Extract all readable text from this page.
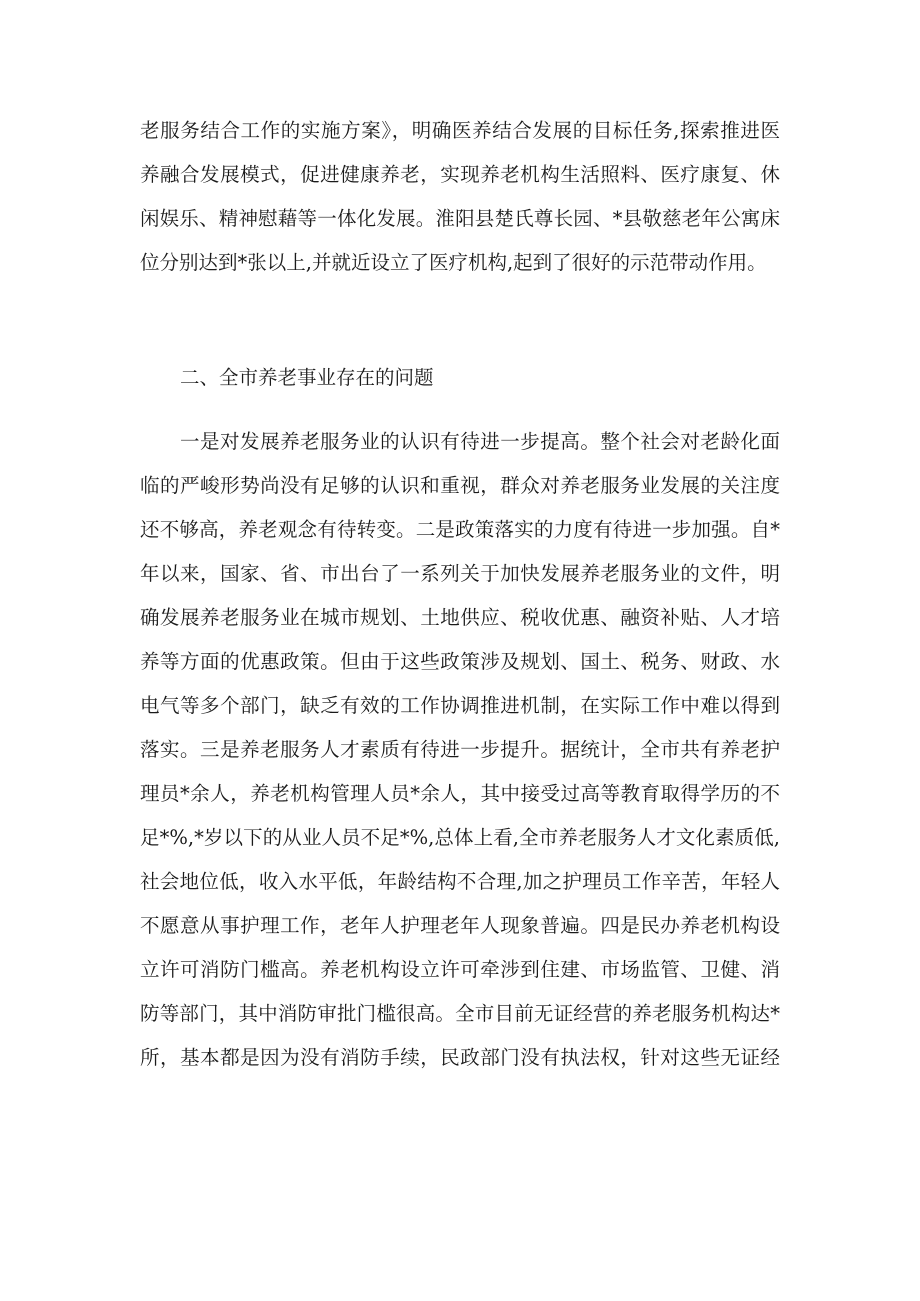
老服务结合工作的实施方案》，明确医养结合发展的目标任务,探索推进医
养融合发展模式，促进健康养老，实现养老机构生活照料、医疗康复、休
闲娱乐、精神慰藉等一体化发展。淮阳县楚氏尊长园、*县敬慈老年公寓床
位分别达到*张以上,并就近设立了医疗机构,起到了很好的示范带动作用。
二、全市养老事业存在的问题
一是对发展养老服务业的认识有待进一步提高。整个社会对老龄化面
临的严峻形势尚没有足够的认识和重视，群众对养老服务业发展的关注度
还不够高，养老观念有待转变。二是政策落实的力度有待进一步加强。自*
年以来，国家、省、市出台了一系列关于加快发展养老服务业的文件，明
确发展养老服务业在城市规划、土地供应、税收优惠、融资补贴、人才培
养等方面的优惠政策。但由于这些政策涉及规划、国土、税务、财政、水
电气等多个部门，缺乏有效的工作协调推进机制，在实际工作中难以得到
落实。三是养老服务人才素质有待进一步提升。据统计，全市共有养老护
理员*余人，养老机构管理人员*余人，其中接受过高等教育取得学历的不
足*%,*岁以下的从业人员不足*%,总体上看,全市养老服务人才文化素质低,
社会地位低，收入水平低，年龄结构不合理,加之护理员工作辛苦，年轻人
不愿意从事护理工作，老年人护理老年人现象普遍。四是民办养老机构设
立许可消防门槛高。养老机构设立许可牵涉到住建、市场监管、卫健、消
防等部门，其中消防审批门槛很高。全市目前无证经营的养老服务机构达*
所，基本都是因为没有消防手续，民政部门没有执法权，针对这些无证经
